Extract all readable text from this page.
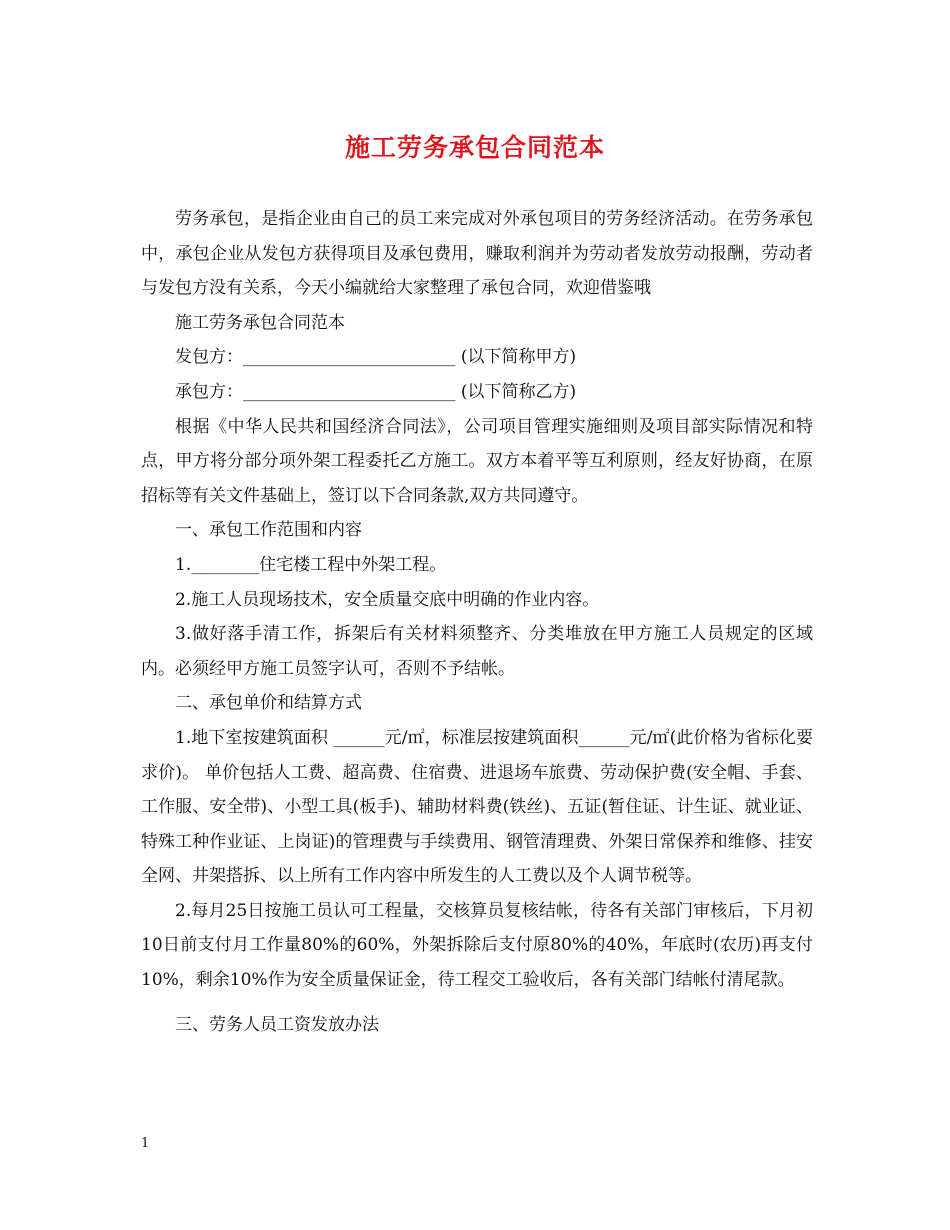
施工劳务承包合同范本

劳务承包，是指企业由自己的员工来完成对外承包项目的劳务经济活动。在劳务承包中，承包企业从发包方获得项目及承包费用，赚取利润并为劳动者发放劳动报酬，劳动者与发包方没有关系，今天小编就给大家整理了承包合同，欢迎借鉴哦

施工劳务承包合同范本

发包方：_________________________ (以下简称甲方)

承包方：_________________________ (以下简称乙方)

根据《中华人民共和国经济合同法》，公司项目管理实施细则及项目部实际情况和特点，甲方将分部分项外架工程委托乙方施工。双方本着平等互利原则，经友好协商，在原招标等有关文件基础上，签订以下合同条款,双方共同遵守。

一、承包工作范围和内容

1.________住宅楼工程中外架工程。

2.施工人员现场技术，安全质量交底中明确的作业内容。

3.做好落手清工作，拆架后有关材料须整齐、分类堆放在甲方施工人员规定的区域内。必须经甲方施工员签字认可，否则不予结帐。

二、承包单价和结算方式

1.地下室按建筑面积 ______元/㎡，标准层按建筑面积______元/㎡(此价格为省标化要求价)。 单价包括人工费、超高费、住宿费、进退场车旅费、劳动保护费(安全帽、手套、工作服、安全带)、小型工具(板手)、辅助材料费(铁丝)、五证(暂住证、计生证、就业证、特殊工种作业证、上岗证)的管理费与手续费用、钢管清理费、外架日常保养和维修、挂安全网、井架搭拆、以上所有工作内容中所发生的人工费以及个人调节税等。

2.每月25日按施工员认可工程量，交核算员复核结帐，待各有关部门审核后，下月初10日前支付月工作量80%的60%，外架拆除后支付原80%的40%，年底时(农历)再支付10%，剩余10%作为安全质量保证金，待工程交工验收后，各有关部门结帐付清尾款。

三、劳务人员工资发放办法

1
